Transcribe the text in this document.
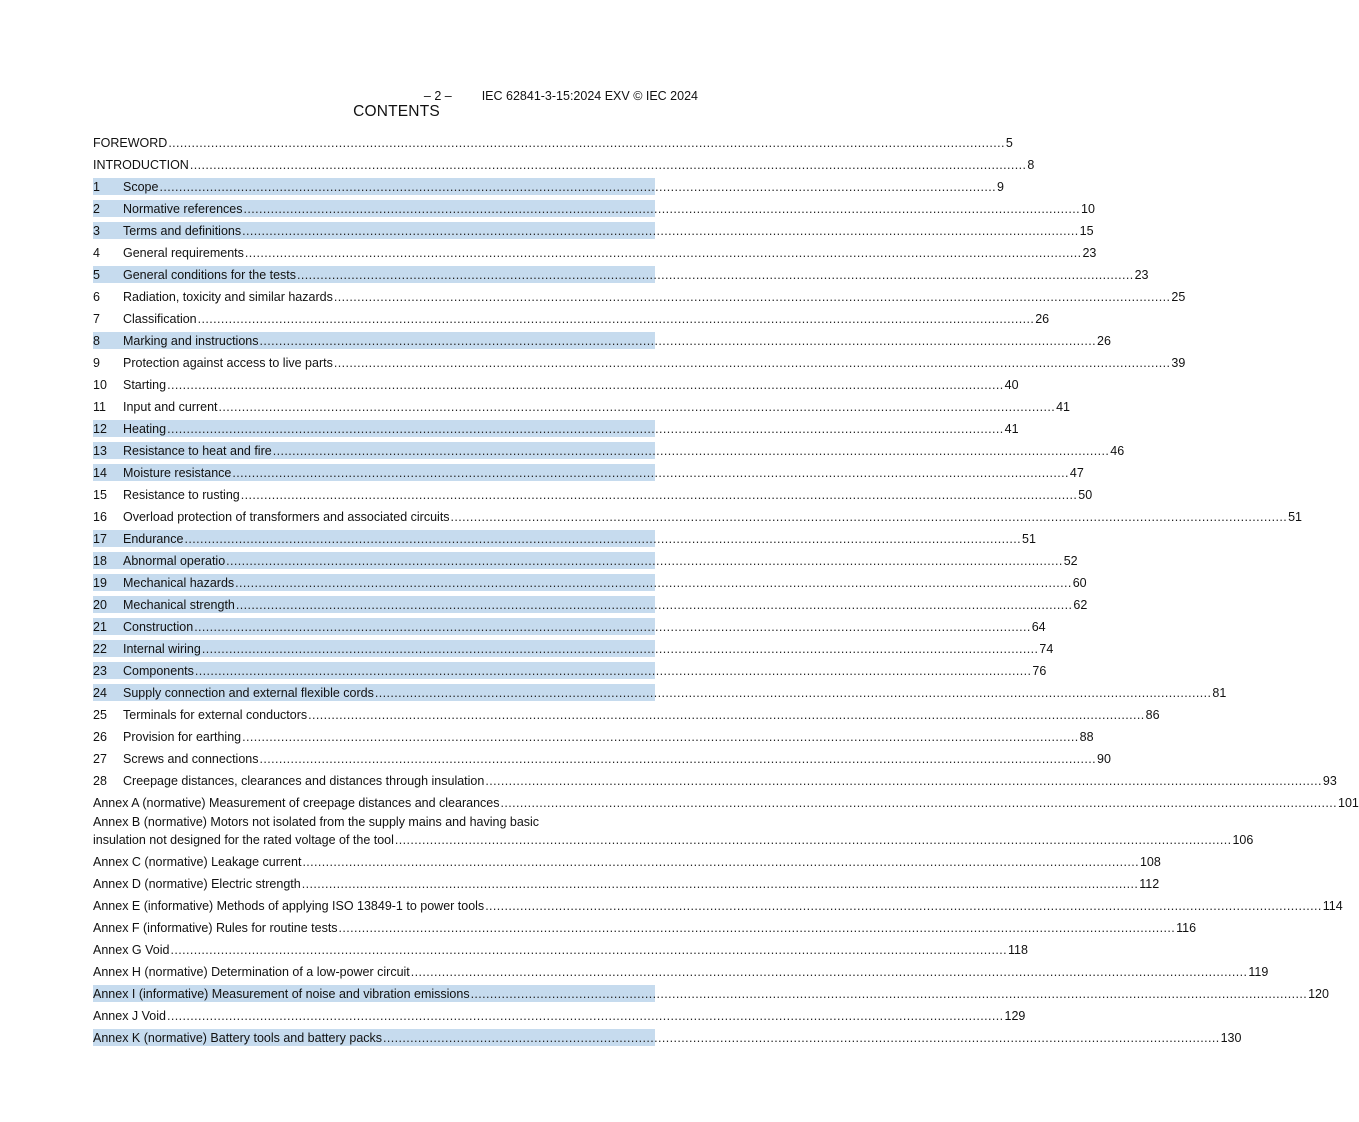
– 2 – IEC 62841-3-15:2024 EXV © IEC 2024

CONTENTS
FOREWORD ........................................................................................................................................................................................................................ 5
INTRODUCTION ........................................................................................................................................................................................................................ 8
1	Scope ........................................................................................................................................................................................................................ 9
2	Normative references ........................................................................................................................................................................................................................ 10
3	Terms and definitions ........................................................................................................................................................................................................................ 15
4	General requirements ........................................................................................................................................................................................................................ 23
5	General conditions for the tests ........................................................................................................................................................................................................................ 23
6	Radiation, toxicity and similar hazards ........................................................................................................................................................................................................................ 25
7	Classification ........................................................................................................................................................................................................................ 26
8	Marking and instructions ........................................................................................................................................................................................................................ 26
9	Protection against access to live parts ........................................................................................................................................................................................................................ 39
10	Starting ........................................................................................................................................................................................................................ 40
11	Input and current ........................................................................................................................................................................................................................ 41
12	Heating ........................................................................................................................................................................................................................ 41
13	Resistance to heat and fire ........................................................................................................................................................................................................................ 46
14	Moisture resistance ........................................................................................................................................................................................................................ 47
15	Resistance to rusting ........................................................................................................................................................................................................................ 50
16	Overload protection of transformers and associated circuits ........................................................................................................................................................................................................................ 51
17	Endurance ........................................................................................................................................................................................................................ 51
18	Abnormal operatio ........................................................................................................................................................................................................................ 52
19	Mechanical hazards ........................................................................................................................................................................................................................ 60
20	Mechanical strength ........................................................................................................................................................................................................................ 62
21	Construction ........................................................................................................................................................................................................................ 64
22	Internal wiring ........................................................................................................................................................................................................................ 74
23	Components ........................................................................................................................................................................................................................ 76
24	Supply connection and external flexible cords ........................................................................................................................................................................................................................ 81
25	Terminals for external conductors ........................................................................................................................................................................................................................ 86
26	Provision for earthing ........................................................................................................................................................................................................................ 88
27	Screws and connections ........................................................................................................................................................................................................................ 90
28	Creepage distances, clearances and distances through insulation ........................................................................................................................................................................................................................ 93
Annex A (normative) Measurement of creepage distances and clearances ........................................................................................................................................................................................................................ 101
Annex B (normative) Motors not isolated from the supply mains and having basic
insulation not designed for the rated voltage of the tool ........................................................................................................................................................................................................................ 106
Annex C (normative) Leakage current ........................................................................................................................................................................................................................ 108
Annex D (normative) Electric strength ........................................................................................................................................................................................................................ 112
Annex E (informative) Methods of applying ISO 13849-1 to power tools ........................................................................................................................................................................................................................ 114
Annex F (informative) Rules for routine tests ........................................................................................................................................................................................................................ 116
Annex G Void ........................................................................................................................................................................................................................ 118
Annex H (normative) Determination of a low-power circuit ........................................................................................................................................................................................................................ 119
Annex I (informative) Measurement of noise and vibration emissions ........................................................................................................................................................................................................................ 120
Annex J Void ........................................................................................................................................................................................................................ 129
Annex K (normative) Battery tools and battery packs ........................................................................................................................................................................................................................ 130
